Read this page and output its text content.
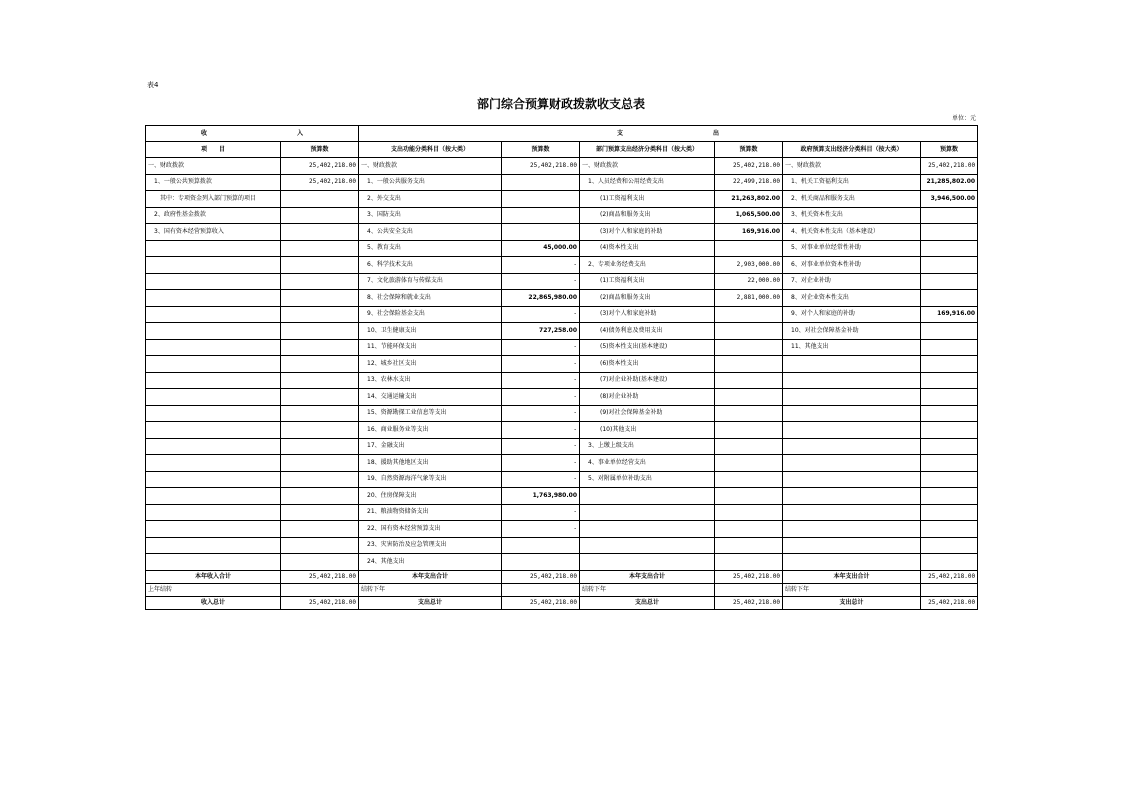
表4
部门综合预算财政拨款收支总表
单位：元
收 入		支 出					
项　　目	预算数	支出功能分类科目（按大类）	预算数	部门预算支出经济分类科目（按大类）	预算数	政府预算支出经济分类科目（按大类）	预算数
一、财政拨款	25,402,218.00	一、财政拨款	25,402,218.00	一、财政拨款	25,402,218.00	一、财政拨款	25,402,218.00
　1、一般公共预算拨款	25,402,218.00	　1、一般公共服务支出		　1、人员经费和公用经费支出	22,499,218.00	　1、机关工资福利支出	21,285,802.00
　　其中：专项资金列入部门预算的项目		　2、外交支出		　　　(1)工资福利支出	21,263,802.00	　2、机关商品和服务支出	3,946,500.00
　2、政府性基金拨款		　3、国防支出		　　　(2)商品和服务支出	1,065,500.00	　3、机关资本性支出	
　3、国有资本经营预算收入		　4、公共安全支出		　　　(3)对个人和家庭的补助	169,916.00	　4、机关资本性支出（基本建设）	
		　5、教育支出	45,000.00	　　　(4)资本性支出		　5、对事业单位经常性补助	
		　6、科学技术支出	-	　2、专项业务经费支出	2,903,000.00	　6、对事业单位资本性补助	
		　7、文化旅游体育与传媒支出	-	　　　(1)工资福利支出	22,000.00	　7、对企业补助	
		　8、社会保障和就业支出	22,865,980.00	　　　(2)商品和服务支出	2,881,000.00	　8、对企业资本性支出	
		　9、社会保险基金支出	-	　　　(3)对个人和家庭补助		　9、对个人和家庭的补助	169,916.00
		　10、卫生健康支出	727,258.00	　　　(4)债务利息及费用支出		　10、对社会保障基金补助	
		　11、节能环保支出	-	　　　(5)资本性支出(基本建设)		　11、其他支出	
		　12、城乡社区支出	-	　　　(6)资本性支出			
		　13、农林水支出	-	　　　(7)对企业补助(基本建设)			
		　14、交通运输支出	-	　　　(8)对企业补助			
		　15、资源勘探工业信息等支出	-	　　　(9)对社会保障基金补助			
		　16、商业服务业等支出	-	　　　(10)其他支出			
		　17、金融支出	-	　3、上缴上级支出			
		　18、援助其他地区支出	-	　4、事业单位经营支出			
		　19、自然资源海洋气象等支出	-	　5、对附属单位补助支出			
		　20、住房保障支出	1,763,980.00				
		　21、粮油物资储备支出	-				
		　22、国有资本经营预算支出	-				
		　23、灾害防治及应急管理支出					
		　24、其他支出					
本年收入合计	25,402,218.00	本年支出合计	25,402,218.00	本年支出合计	25,402,218.00	本年支出合计	25,402,218.00
上年结转		结转下年		结转下年		结转下年	
收入总计	25,402,218.00	支出总计	25,402,218.00	支出总计	25,402,218.00	支出总计	25,402,218.00
